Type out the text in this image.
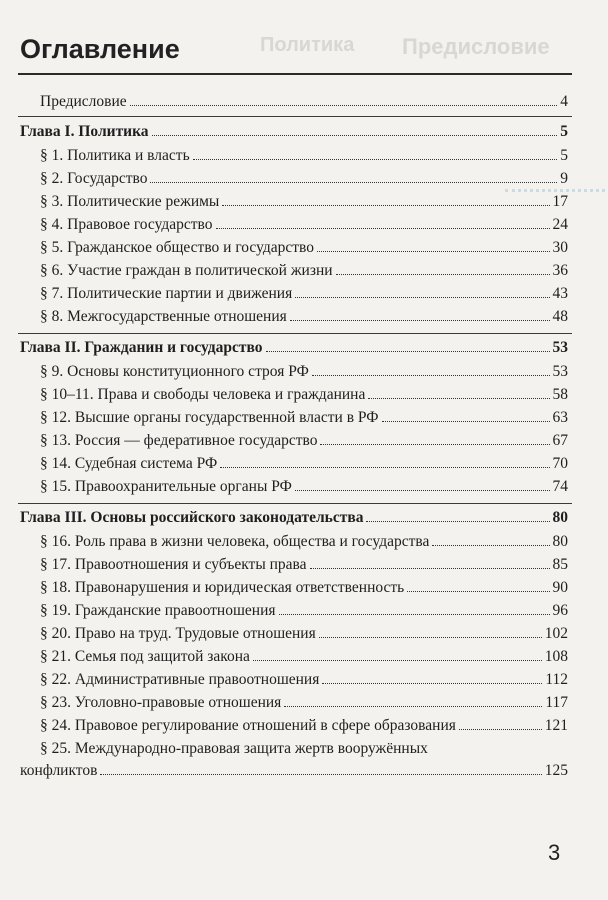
Политика Предисловие
Оглавление
Предисловие	4
Глава I. Политика	5
§ 1. Политика и власть	5
§ 2. Государство	9
§ 3. Политические режимы	17
§ 4. Правовое государство	24
§ 5. Гражданское общество и государство	30
§ 6. Участие граждан в политической жизни	36
§ 7. Политические партии и движения	43
§ 8. Межгосударственные отношения	48
Глава II. Гражданин и государство	53
§ 9. Основы конституционного строя РФ	53
§ 10–11. Права и свободы человека и гражданина	58
§ 12. Высшие органы государственной власти в РФ	63
§ 13. Россия — федеративное государство	67
§ 14. Судебная система РФ	70
§ 15. Правоохранительные органы РФ	74
Глава III. Основы российского законодательства	80
§ 16. Роль права в жизни человека, общества и государства	80
§ 17. Правоотношения и субъекты права	85
§ 18. Правонарушения и юридическая ответственность	90
§ 19. Гражданские правоотношения	96
§ 20. Право на труд. Трудовые отношения	102
§ 21. Семья под защитой закона	108
§ 22. Административные правоотношения	112
§ 23. Уголовно-правовые отношения	117
§ 24. Правовое регулирование отношений в сфере образования	121
§ 25. Международно-правовая защита жертв вооружённых
конфликтов	125
3
